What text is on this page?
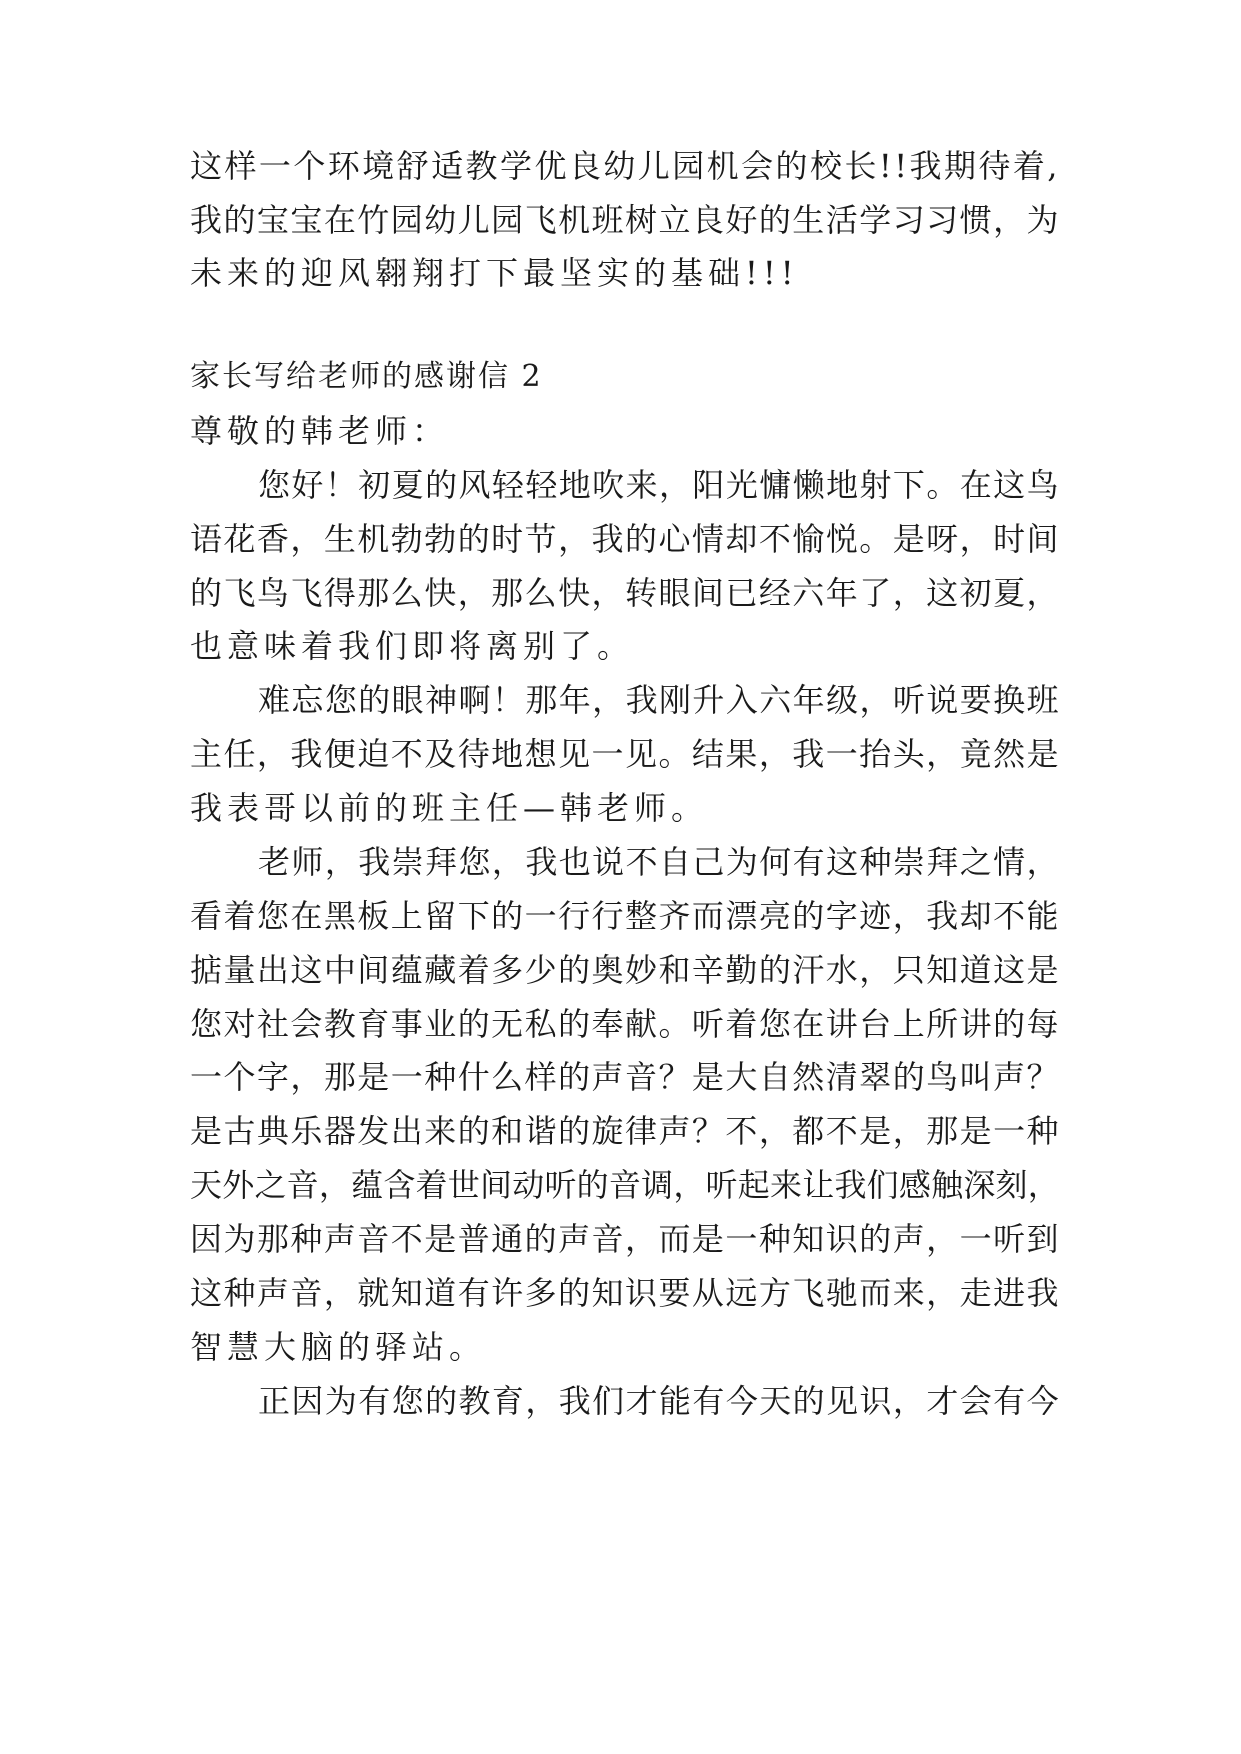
这样一个环境舒适教学优良幼儿园机会的校长!!我期待着,
我的宝宝在竹园幼儿园飞机班树立良好的生活学习习惯，为
未来的迎风翱翔打下最坚实的基础!!!
家长写给老师的感谢信 2
尊敬的韩老师：
您好！初夏的风轻轻地吹来，阳光慵懒地射下。在这鸟
语花香，生机勃勃的时节，我的心情却不愉悦。是呀，时间
的飞鸟飞得那么快，那么快，转眼间已经六年了，这初夏，
也意味着我们即将离别了。
难忘您的眼神啊！那年，我刚升入六年级，听说要换班
主任，我便迫不及待地想见一见。结果，我一抬头，竟然是
我表哥以前的班主任—韩老师。
老师，我崇拜您，我也说不自己为何有这种崇拜之情，
看着您在黑板上留下的一行行整齐而漂亮的字迹，我却不能
掂量出这中间蕴藏着多少的奥妙和辛勤的汗水，只知道这是
您对社会教育事业的无私的奉献。听着您在讲台上所讲的每
一个字，那是一种什么样的声音？是大自然清翠的鸟叫声？
是古典乐器发出来的和谐的旋律声？不，都不是，那是一种
天外之音，蕴含着世间动听的音调，听起来让我们感触深刻，
因为那种声音不是普通的声音，而是一种知识的声，一听到
这种声音，就知道有许多的知识要从远方飞驰而来，走进我
智慧大脑的驿站。
正因为有您的教育，我们才能有今天的见识，才会有今
